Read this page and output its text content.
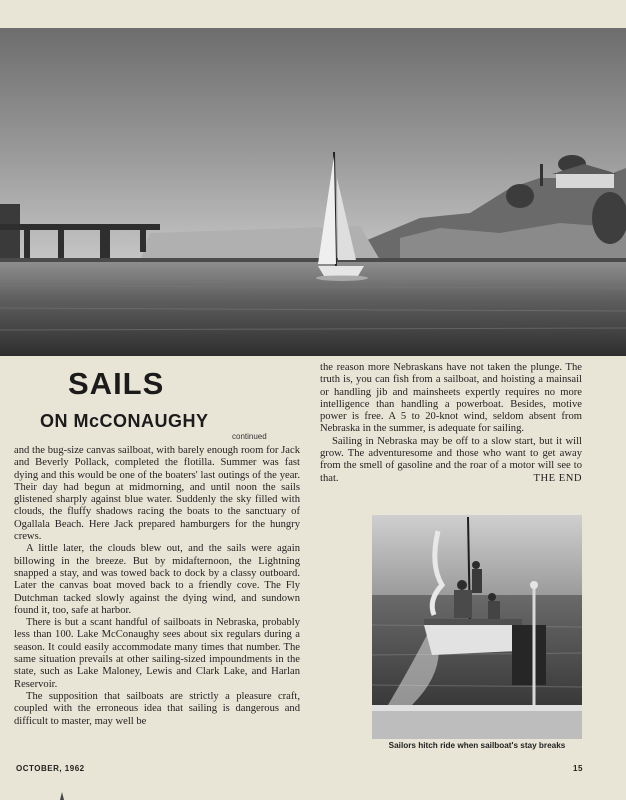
SAILS
ON McCONAUGHY
continued

and the bug-size canvas sailboat, with barely enough room for Jack and Beverly Pollack, completed the flotilla. Summer was fast dying and this would be one of the boaters' last outings of the year. Their day had begun at midmorning, and until noon the sails glistened sharply against blue water. Suddenly the sky filled with clouds, the fluffy shadows racing the boats to the sanctuary of Ogallala Beach. Here Jack prepared hamburgers for the hungry crews.

A little later, the clouds blew out, and the sails were again billowing in the breeze. But by midafternoon, the Lightning snapped a stay, and was towed back to dock by a classy outboard. Later the canvas boat moved back to a friendly cove. The Fly Dutchman tacked slowly against the dying wind, and sundown found it, too, safe at harbor.

There is but a scant handful of sailboats in Nebraska, probably less than 100. Lake McConaughy sees about six regulars during a season. It could easily accommodate many times that number. The same situation prevails at other sailing-sized impoundments in the state, such as Lake Maloney, Lewis and Clark Lake, and Harlan Reservoir.

The supposition that sailboats are strictly a pleasure craft, coupled with the erroneous idea that sailing is dangerous and difficult to master, may well be

the reason more Nebraskans have not taken the plunge. The truth is, you can fish from a sailboat, and hoisting a mainsail or handling jib and mainsheets expertly requires no more intelligence than handling a powerboat. Besides, motive power is free. A 5 to 20-knot wind, seldom absent from Nebraska in the summer, is adequate for sailing.

Sailing in Nebraska may be off to a slow start, but it will grow. The adventuresome and those who want to get away from the smell of gasoline and the roar of a motor will see to that.	THE END

Sailors hitch ride when sailboat's stay breaks
OCTOBER, 1962	15
